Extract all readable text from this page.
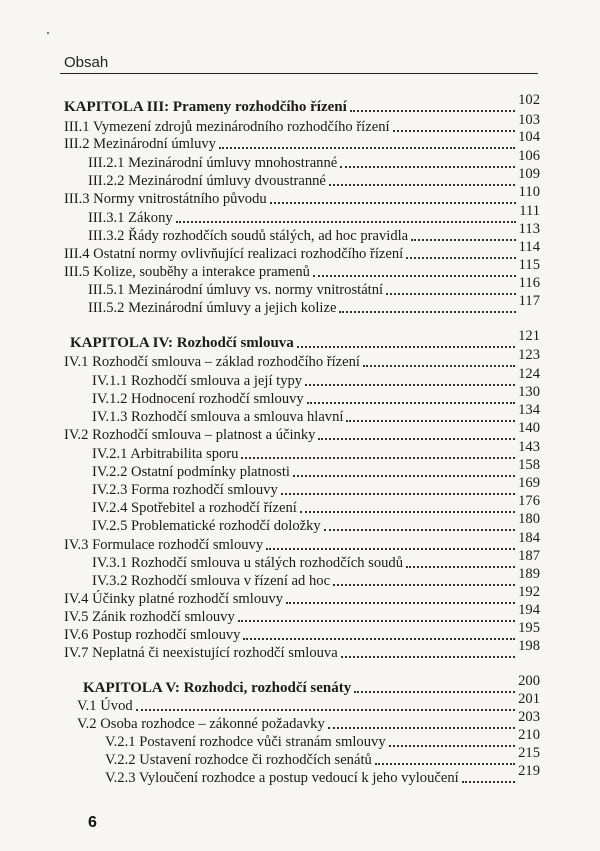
Obsah
KAPITOLA III: Prameny rozhodčího řízení	102
III.1 Vymezení zdrojů mezinárodního rozhodčího řízení	103
III.2 Mezinárodní úmluvy	104
III.2.1 Mezinárodní úmluvy mnohostranné	106
III.2.2 Mezinárodní úmluvy dvoustranné	109
III.3 Normy vnitrostátního původu	110
III.3.1 Zákony	111
III.3.2 Řády rozhodčích soudů stálých, ad hoc pravidla	113
III.4 Ostatní normy ovlivňující realizaci rozhodčího řízení	114
III.5 Kolize, souběhy a interakce pramenů	115
III.5.1 Mezinárodní úmluvy vs. normy vnitrostátní	116
III.5.2 Mezinárodní úmluvy a jejich kolize	117
KAPITOLA IV: Rozhodčí smlouva	121
IV.1 Rozhodčí smlouva – základ rozhodčího řízení	123
IV.1.1 Rozhodčí smlouva a její typy	124
IV.1.2 Hodnocení rozhodčí smlouvy	130
IV.1.3 Rozhodčí smlouva a smlouva hlavní	134
IV.2 Rozhodčí smlouva – platnost a účinky	140
IV.2.1 Arbitrabilita sporu	143
IV.2.2 Ostatní podmínky platnosti	158
IV.2.3 Forma rozhodčí smlouvy	169
IV.2.4 Spotřebitel a rozhodčí řízení	176
IV.2.5 Problematické rozhodčí doložky	180
IV.3 Formulace rozhodčí smlouvy	184
IV.3.1 Rozhodčí smlouva u stálých rozhodčích soudů	187
IV.3.2 Rozhodčí smlouva v řízení ad hoc	189
IV.4 Účinky platné rozhodčí smlouvy	192
IV.5 Zánik rozhodčí smlouvy	194
IV.6 Postup rozhodčí smlouvy	195
IV.7 Neplatná či neexistující rozhodčí smlouva	198
KAPITOLA V: Rozhodci, rozhodčí senáty	200
V.1 Úvod	201
V.2 Osoba rozhodce – zákonné požadavky	203
V.2.1 Postavení rozhodce vůči stranám smlouvy	210
V.2.2 Ustavení rozhodce či rozhodčích senátů	215
V.2.3 Vyloučení rozhodce a postup vedoucí k jeho vyloučení	219
6
